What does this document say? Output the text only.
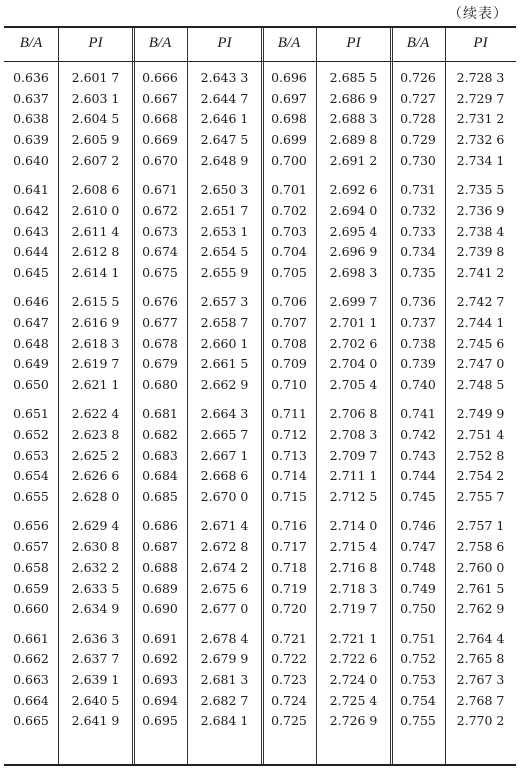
（续表）
B/A	PI	B/A	PI	B/A	PI	B/A	PI
0.636	2.601 7	0.666	2.643 3	0.696	2.685 5	0.726	2.728 3
0.637	2.603 1	0.667	2.644 7	0.697	2.686 9	0.727	2.729 7
0.638	2.604 5	0.668	2.646 1	0.698	2.688 3	0.728	2.731 2
0.639	2.605 9	0.669	2.647 5	0.699	2.689 8	0.729	2.732 6
0.640	2.607 2	0.670	2.648 9	0.700	2.691 2	0.730	2.734 1
0.641	2.608 6	0.671	2.650 3	0.701	2.692 6	0.731	2.735 5
0.642	2.610 0	0.672	2.651 7	0.702	2.694 0	0.732	2.736 9
0.643	2.611 4	0.673	2.653 1	0.703	2.695 4	0.733	2.738 4
0.644	2.612 8	0.674	2.654 5	0.704	2.696 9	0.734	2.739 8
0.645	2.614 1	0.675	2.655 9	0.705	2.698 3	0.735	2.741 2
0.646	2.615 5	0.676	2.657 3	0.706	2.699 7	0.736	2.742 7
0.647	2.616 9	0.677	2.658 7	0.707	2.701 1	0.737	2.744 1
0.648	2.618 3	0.678	2.660 1	0.708	2.702 6	0.738	2.745 6
0.649	2.619 7	0.679	2.661 5	0.709	2.704 0	0.739	2.747 0
0.650	2.621 1	0.680	2.662 9	0.710	2.705 4	0.740	2.748 5
0.651	2.622 4	0.681	2.664 3	0.711	2.706 8	0.741	2.749 9
0.652	2.623 8	0.682	2.665 7	0.712	2.708 3	0.742	2.751 4
0.653	2.625 2	0.683	2.667 1	0.713	2.709 7	0.743	2.752 8
0.654	2.626 6	0.684	2.668 6	0.714	2.711 1	0.744	2.754 2
0.655	2.628 0	0.685	2.670 0	0.715	2.712 5	0.745	2.755 7
0.656	2.629 4	0.686	2.671 4	0.716	2.714 0	0.746	2.757 1
0.657	2.630 8	0.687	2.672 8	0.717	2.715 4	0.747	2.758 6
0.658	2.632 2	0.688	2.674 2	0.718	2.716 8	0.748	2.760 0
0.659	2.633 5	0.689	2.675 6	0.719	2.718 3	0.749	2.761 5
0.660	2.634 9	0.690	2.677 0	0.720	2.719 7	0.750	2.762 9
0.661	2.636 3	0.691	2.678 4	0.721	2.721 1	0.751	2.764 4
0.662	2.637 7	0.692	2.679 9	0.722	2.722 6	0.752	2.765 8
0.663	2.639 1	0.693	2.681 3	0.723	2.724 0	0.753	2.767 3
0.664	2.640 5	0.694	2.682 7	0.724	2.725 4	0.754	2.768 7
0.665	2.641 9	0.695	2.684 1	0.725	2.726 9	0.755	2.770 2
